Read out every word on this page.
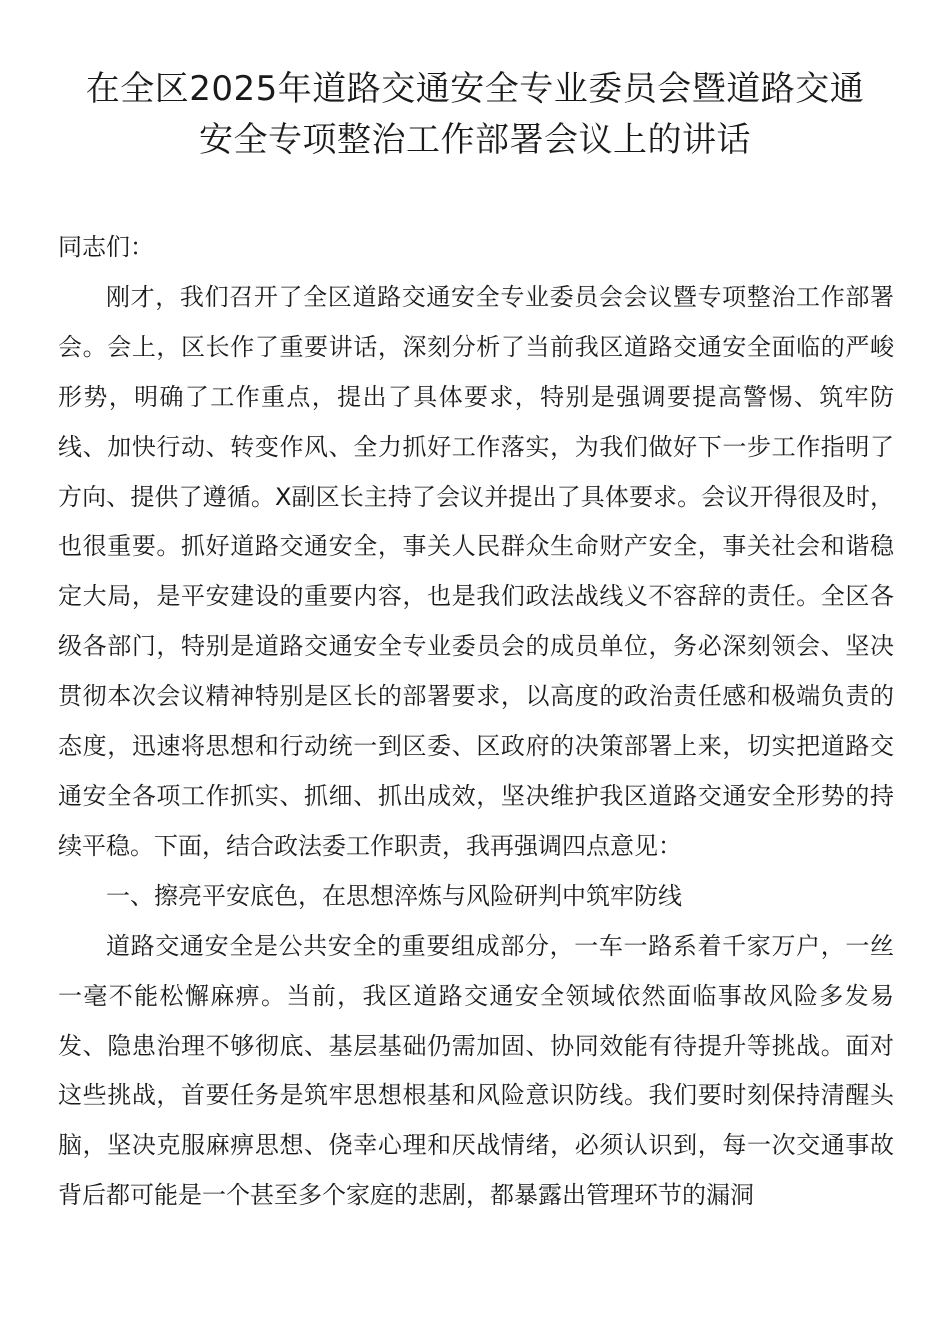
在全区2025年道路交通安全专业委员会暨道路交通
安全专项整治工作部署会议上的讲话

同志们：

刚才，我们召开了全区道路交通安全专业委员会会议暨专项整治工作部署会。会上，区长作了重要讲话，深刻分析了当前我区道路交通安全面临的严峻形势，明确了工作重点，提出了具体要求，特别是强调要提高警惕、筑牢防线、加快行动、转变作风、全力抓好工作落实，为我们做好下一步工作指明了方向、提供了遵循。X副区长主持了会议并提出了具体要求。会议开得很及时，也很重要。抓好道路交通安全，事关人民群众生命财产安全，事关社会和谐稳定大局，是平安建设的重要内容，也是我们政法战线义不容辞的责任。全区各级各部门，特别是道路交通安全专业委员会的成员单位，务必深刻领会、坚决贯彻本次会议精神特别是区长的部署要求，以高度的政治责任感和极端负责的态度，迅速将思想和行动统一到区委、区政府的决策部署上来，切实把道路交通安全各项工作抓实、抓细、抓出成效，坚决维护我区道路交通安全形势的持续平稳。下面，结合政法委工作职责，我再强调四点意见：

一、擦亮平安底色，在思想淬炼与风险研判中筑牢防线

道路交通安全是公共安全的重要组成部分，一车一路系着千家万户，一丝一毫不能松懈麻痹。当前，我区道路交通安全领域依然面临事故风险多发易发、隐患治理不够彻底、基层基础仍需加固、协同效能有待提升等挑战。面对这些挑战，首要任务是筑牢思想根基和风险意识防线。我们要时刻保持清醒头脑，坚决克服麻痹思想、侥幸心理和厌战情绪，必须认识到，每一次交通事故背后都可能是一个甚至多个家庭的悲剧，都暴露出管理环节的漏洞
